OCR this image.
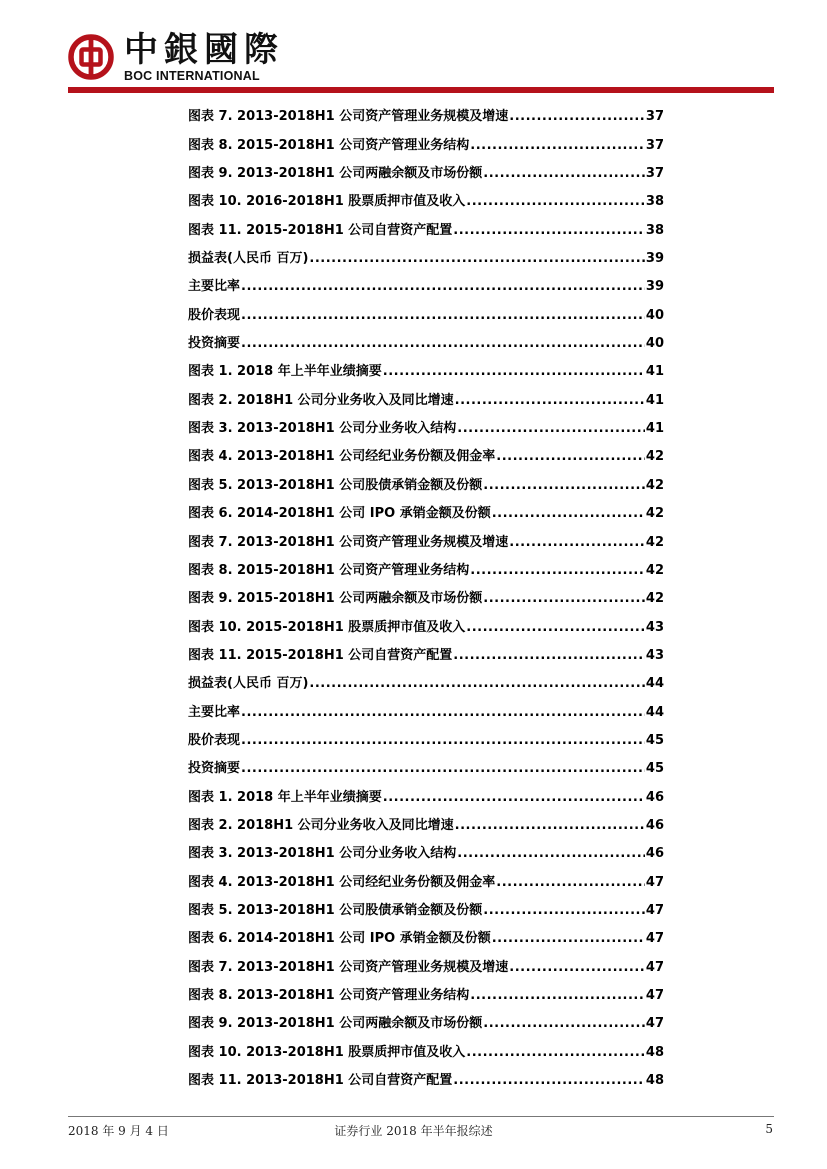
中銀國際
BOC INTERNATIONAL
图表 7. 2013-2018H1 公司资产管理业务规模及增速 .....	37
图表 8. 2015-2018H1 公司资产管理业务结构 .....	37
图表 9. 2013-2018H1 公司两融余额及市场份额 .....	37
图表 10. 2016-2018H1 股票质押市值及收入 .....	38
图表 11. 2015-2018H1 公司自营资产配置 .....	38
损益表(人民币 百万) .....	39
主要比率 .....	39
股价表现 .....	40
投资摘要 .....	40
图表 1. 2018 年上半年业绩摘要 .....	41
图表 2. 2018H1 公司分业务收入及同比增速 .....	41
图表 3. 2013-2018H1 公司分业务收入结构 .....	41
图表 4. 2013-2018H1 公司经纪业务份额及佣金率 .....	42
图表 5. 2013-2018H1 公司股债承销金额及份额 .....	42
图表 6. 2014-2018H1 公司 IPO 承销金额及份额 .....	42
图表 7. 2013-2018H1 公司资产管理业务规模及增速 .....	42
图表 8. 2015-2018H1 公司资产管理业务结构 .....	42
图表 9. 2015-2018H1 公司两融余额及市场份额 .....	42
图表 10. 2015-2018H1 股票质押市值及收入 .....	43
图表 11. 2015-2018H1 公司自营资产配置 .....	43
损益表(人民币 百万) .....	44
主要比率 .....	44
股价表现 .....	45
投资摘要 .....	45
图表 1. 2018 年上半年业绩摘要 .....	46
图表 2. 2018H1 公司分业务收入及同比增速 .....	46
图表 3. 2013-2018H1 公司分业务收入结构 .....	46
图表 4. 2013-2018H1 公司经纪业务份额及佣金率 .....	47
图表 5. 2013-2018H1 公司股债承销金额及份额 .....	47
图表 6. 2014-2018H1 公司 IPO 承销金额及份额 .....	47
图表 7. 2013-2018H1 公司资产管理业务规模及增速 .....	47
图表 8. 2013-2018H1 公司资产管理业务结构 .....	47
图表 9. 2013-2018H1 公司两融余额及市场份额 .....	47
图表 10. 2013-2018H1 股票质押市值及收入 .....	48
图表 11. 2013-2018H1 公司自营资产配置 .....	48
2018 年 9 月 4 日	证券行业 2018 年半年报综述	5
